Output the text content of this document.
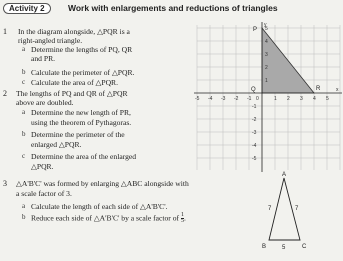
Activity 2	Work with enlargements and reductions of triangles
1 In the diagram alongside, △PQR is a
right-angled triangle.
a Determine the lengths of PQ, QR
and PR.
b Calculate the perimeter of △PQR.
c Calculate the area of △PQR.
2 The lengths of PQ and QR of △PQR
above are doubled.
a Determine the new length of PR,
using the theorem of Pythagoras.
b Determine the perimeter of the
enlarged △PQR.
c Determine the area of the enlarged
△PQR.
3 △A'B'C' was formed by enlarging △ABC alongside with
a scale factor of 3.
a Calculate the length of each side of △A'B'C'.
b Reduce each side of △A'B'C' by a scale factor of $\frac{1}{5}$ .
x
y
-5 -4 -3 -2 -1 0	1 2 3 4 5
5
4
3
2
1
-1
-2
-3
-4
-5
P
Q	R
A
B	C
7	7
5
